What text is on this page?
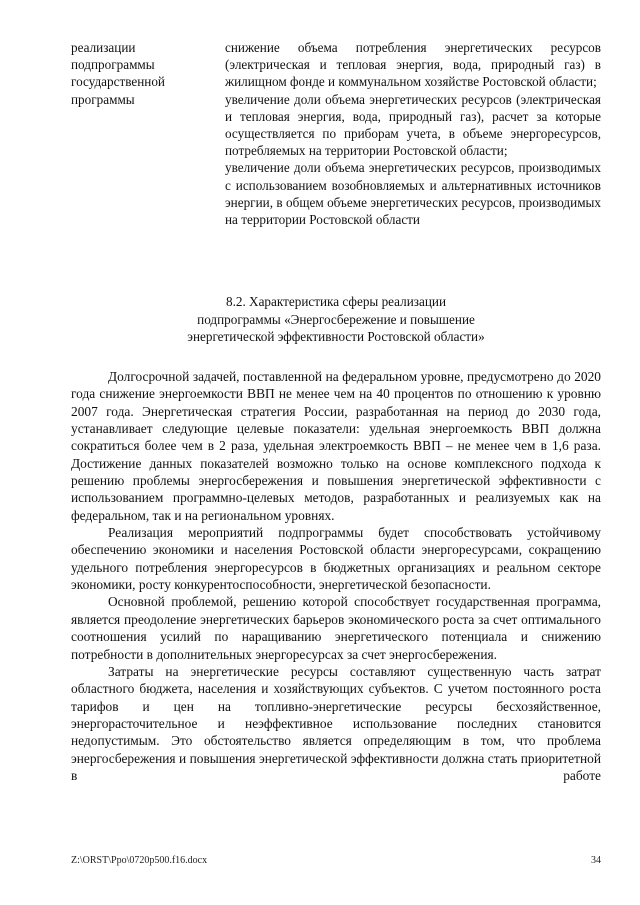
реализации
подпрограммы
государственной
программы
снижение объема потребления энергетических ресурсов (электрическая и тепловая энергия, вода, природный газ) в жилищном фонде и коммунальном хозяйстве Ростовской области;
увеличение доли объема энергетических ресурсов (электрическая и тепловая энергия, вода, природный газ), расчет за которые осуществляется по приборам учета, в объеме энергоресурсов, потребляемых на территории Ростовской области;
увеличение доли объема энергетических ресурсов, производимых с использованием возобновляемых и альтернативных источников энергии, в общем объеме энергетических ресурсов, производимых на территории Ростовской области
8.2. Характеристика сферы реализации
подпрограммы «Энергосбережение и повышение
энергетической эффективности Ростовской области»

Долгосрочной задачей, поставленной на федеральном уровне, предусмотрено до 2020 года снижение энергоемкости ВВП не менее чем на 40 процентов по отношению к уровню 2007 года. Энергетическая стратегия России, разработанная на период до 2030 года, устанавливает следующие целевые показатели: удельная энергоемкость ВВП должна сократиться более чем в 2 раза, удельная электроемкость ВВП – не менее чем в 1,6 раза. Достижение данных показателей возможно только на основе комплексного подхода к решению проблемы энергосбережения и повышения энергетической эффективности с использованием программно-целевых методов, разработанных и реализуемых как на федеральном, так и на региональном уровнях.

Реализация мероприятий подпрограммы будет способствовать устойчивому обеспечению экономики и населения Ростовской области энергоресурсами, сокращению удельного потребления энергоресурсов в бюджетных организациях и реальном секторе экономики, росту конкурентоспособности, энергетической безопасности.

Основной проблемой, решению которой способствует государственная программа, является преодоление энергетических барьеров экономического роста за счет оптимального соотношения усилий по наращиванию энергетического потенциала и снижению потребности в дополнительных энергоресурсах за счет энергосбережения.

Затраты на энергетические ресурсы составляют существенную часть затрат областного бюджета, населения и хозяйствующих субъектов. С учетом постоянного роста тарифов и цен на топливно-энергетические ресурсы бесхозяйственное, энергорасточительное и неэффективное использование последних становится недопустимым. Это обстоятельство является определяющим в том, что проблема энергосбережения и повышения энергетической эффективности должна стать приоритетной в работе

Z:\ORST\Ppo\0720p500.f16.docx	34
